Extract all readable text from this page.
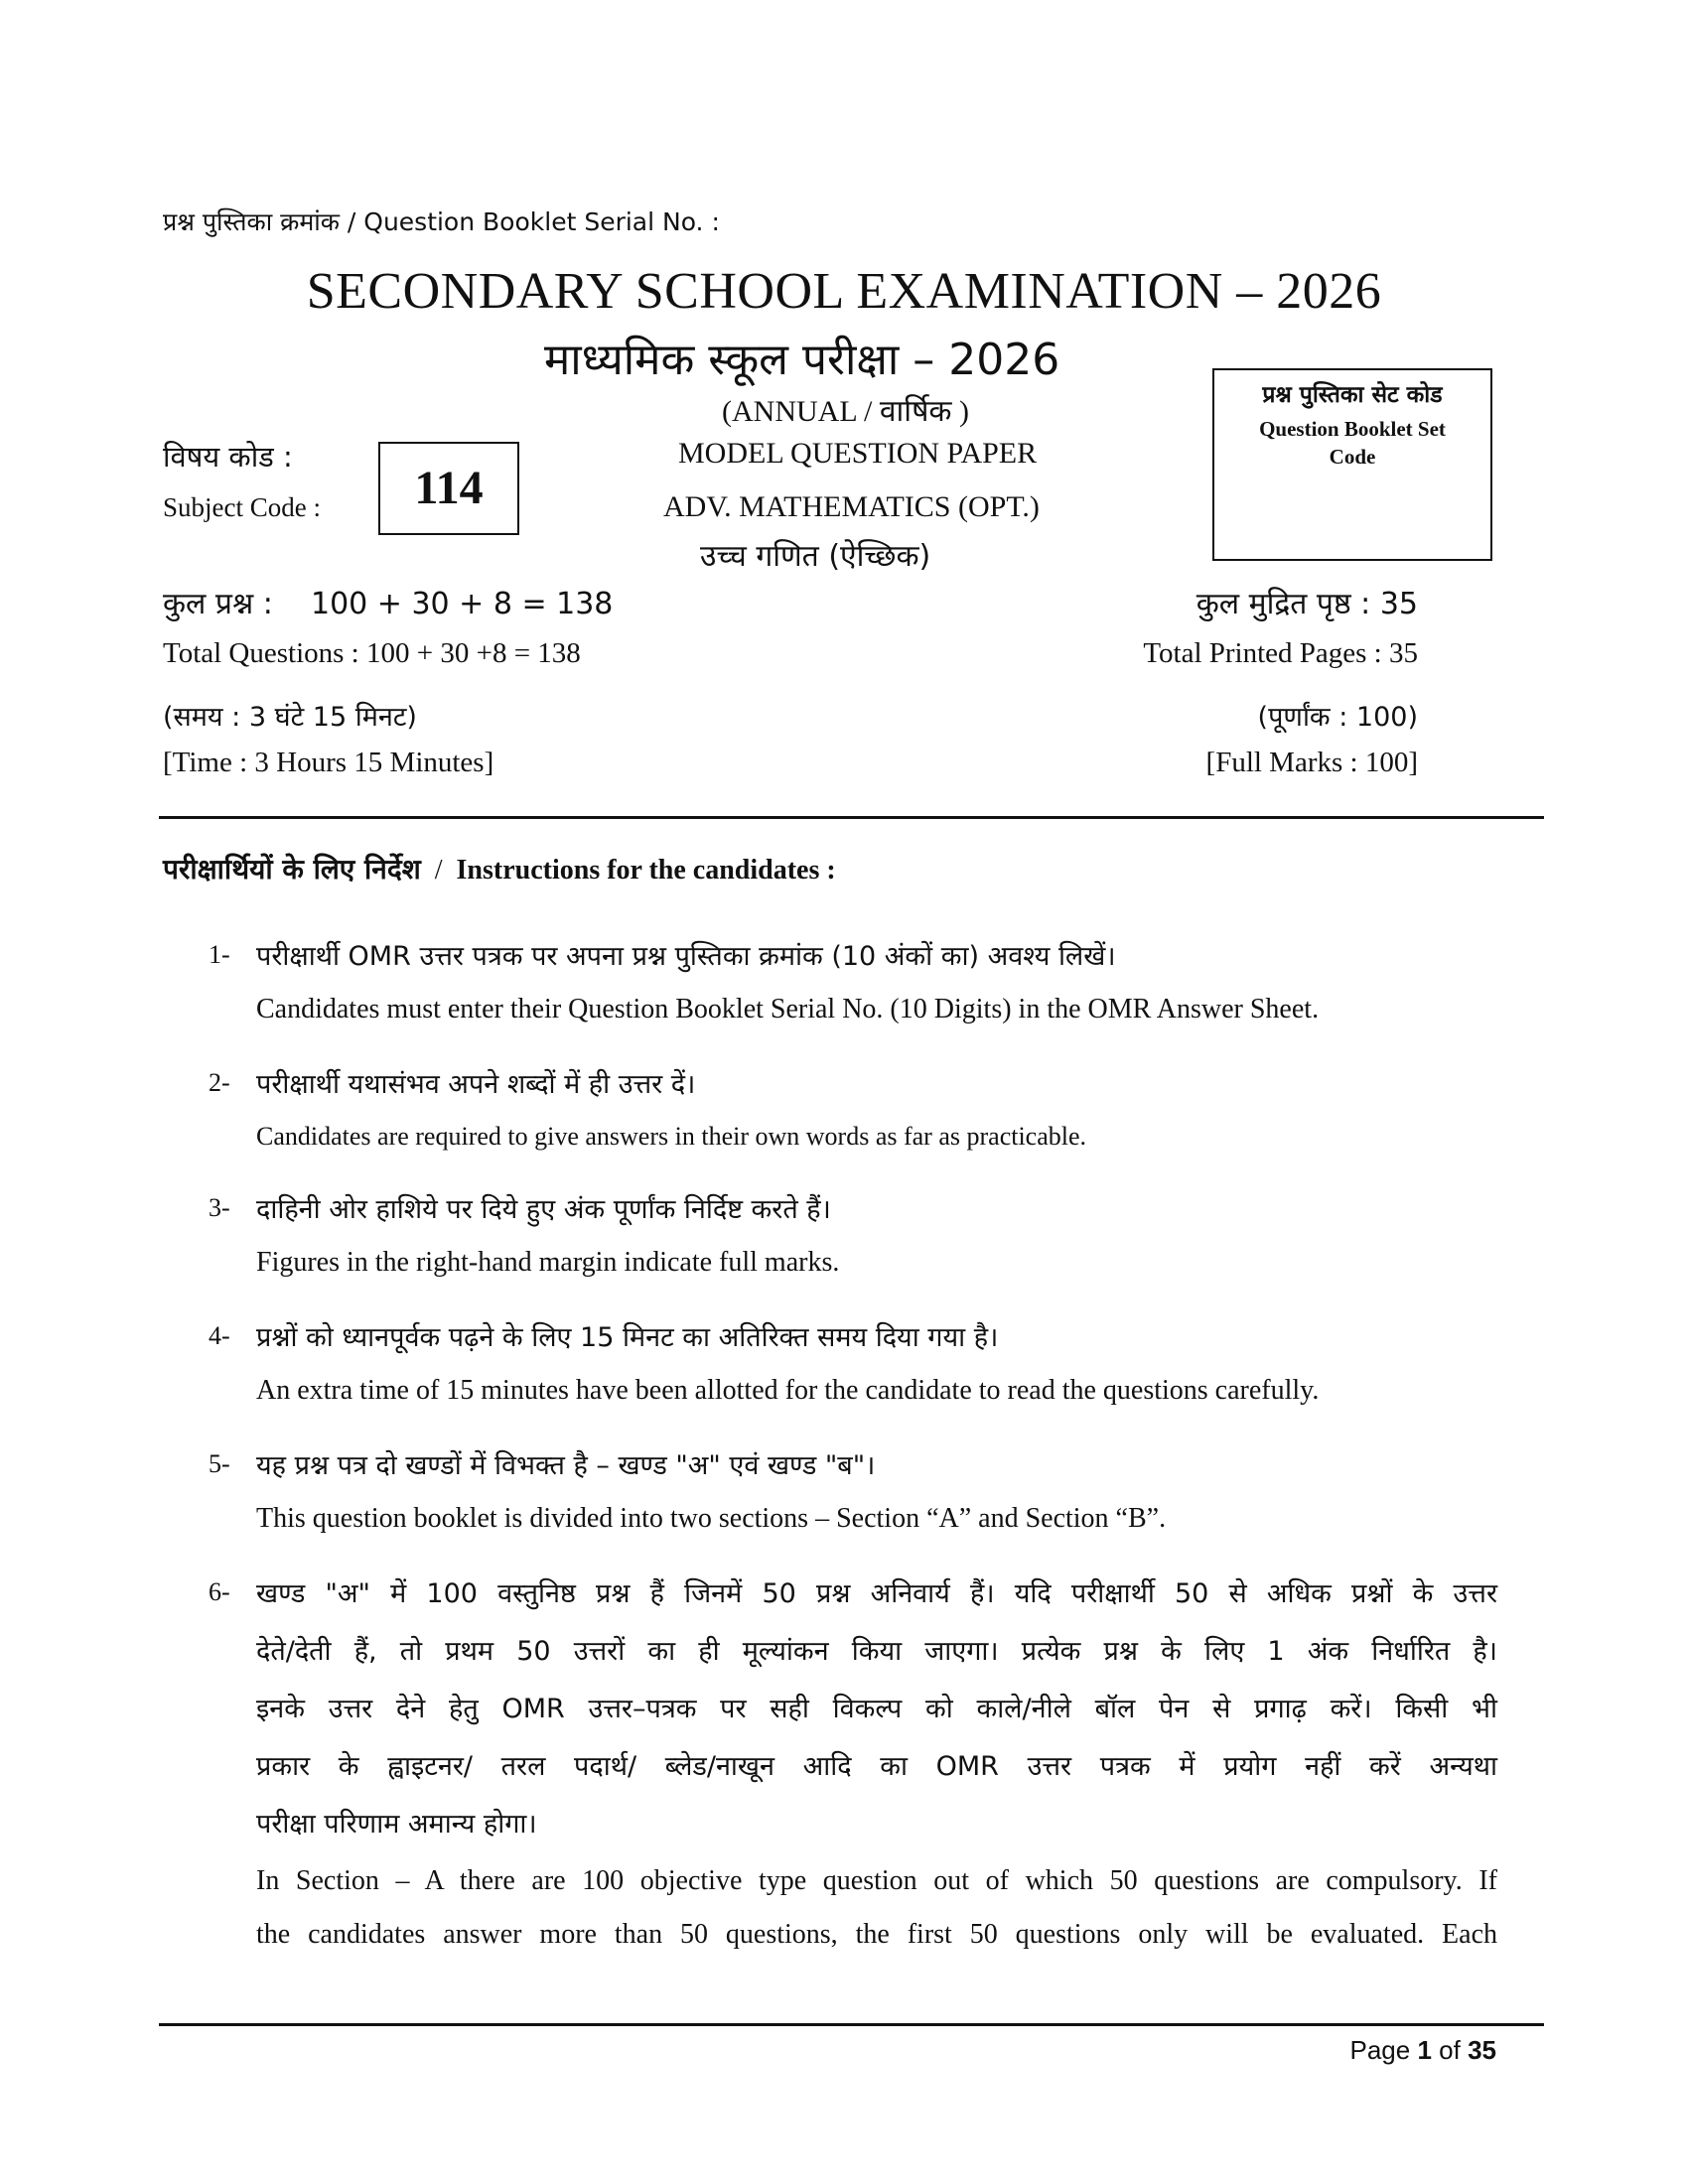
प्रश्न पुस्तिका क्रमांक / Question Booklet Serial No. :
SECONDARY SCHOOL EXAMINATION – 2026
माध्यमिक स्कूल परीक्षा – 2026
(ANNUAL / वार्षिक )
विषय कोड :
Subject Code :	114
MODEL QUESTION PAPER
ADV. MATHEMATICS (OPT.)
उच्च गणित (ऐच्छिक)
प्रश्न पुस्तिका सेट कोड
Question Booklet Set Code
कुल प्रश्न :    100 + 30 + 8 = 138
Total Questions : 100 + 30 +8 = 138
कुल मुद्रित पृष्ठ : 35
Total Printed Pages : 35
(समय : 3 घंटे 15 मिनट)
[Time : 3 Hours 15 Minutes]
(पूर्णांक : 100)
[Full Marks : 100]
परीक्षार्थियों के लिए निर्देश / Instructions for the candidates :
1- परीक्षार्थी OMR उत्तर पत्रक पर अपना प्रश्न पुस्तिका क्रमांक (10 अंकों का) अवश्य लिखें।
Candidates must enter their Question Booklet Serial No. (10 Digits) in the OMR Answer Sheet.
2- परीक्षार्थी यथासंभव अपने शब्दों में ही उत्तर दें।
Candidates are required to give answers in their own words as far as practicable.
3- दाहिनी ओर हाशिये पर दिये हुए अंक पूर्णांक निर्दिष्ट करते हैं।
Figures in the right-hand margin indicate full marks.
4- प्रश्नों को ध्यानपूर्वक पढ़ने के लिए 15 मिनट का अतिरिक्त समय दिया गया है।
An extra time of 15 minutes have been allotted for the candidate to read the questions carefully.
5- यह प्रश्न पत्र दो खण्डों में विभक्त है – खण्ड "अ" एवं खण्ड "ब"।
This question booklet is divided into two sections – Section “A” and Section “B”.
6- खण्ड "अ" में 100 वस्तुनिष्ठ प्रश्न हैं जिनमें 50 प्रश्न अनिवार्य हैं। यदि परीक्षार्थी 50 से अधिक प्रश्नों के उत्तर
देते/देती हैं, तो प्रथम 50 उत्तरों का ही मूल्यांकन किया जाएगा। प्रत्येक प्रश्न के लिए 1 अंक निर्धारित है।
इनके उत्तर देने हेतु OMR उत्तर–पत्रक पर सही विकल्प को काले/नीले बॉल पेन से प्रगाढ़ करें। किसी भी
प्रकार के ह्वाइटनर/ तरल पदार्थ/ ब्लेड/नाखून आदि का OMR उत्तर पत्रक में प्रयोग नहीं करें अन्यथा
परीक्षा परिणाम अमान्य होगा।
In Section – A there are 100 objective type question out of which 50 questions are compulsory. If
the candidates answer more than 50 questions, the first 50 questions only will be evaluated. Each
Page 1 of 35
